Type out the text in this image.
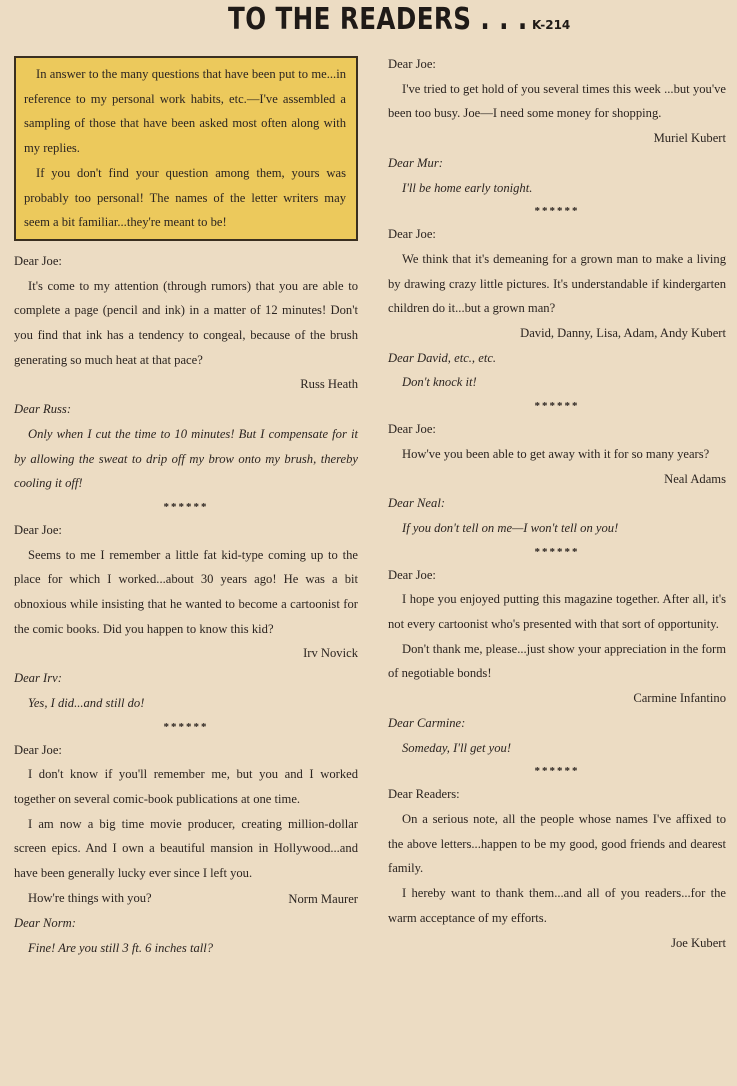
TO THE READERS . . . K-214

In answer to the many questions that have been put to me...in reference to my personal work habits, etc.—I've assembled a sampling of those that have been asked most often along with my replies.

If you don't find your question among them, yours was probably too personal! The names of the letter writers may seem a bit familiar...they're meant to be!

Dear Joe:

It's come to my attention (through rumors) that you are able to complete a page (pencil and ink) in a matter of 12 minutes! Don't you find that ink has a tendency to congeal, because of the brush generating so much heat at that pace?

Russ Heath

Dear Russ:

Only when I cut the time to 10 minutes! But I compensate for it by allowing the sweat to drip off my brow onto my brush, thereby cooling it off!

******

Dear Joe:

Seems to me I remember a little fat kid-type coming up to the place for which I worked...about 30 years ago! He was a bit obnoxious while insisting that he wanted to become a cartoonist for the comic books. Did you happen to know this kid?

Irv Novick

Dear Irv:

Yes, I did...and still do!

******

Dear Joe:

I don't know if you'll remember me, but you and I worked together on several comic-book publications at one time.

I am now a big time movie producer, creating million-dollar screen epics. And I own a beautiful mansion in Hollywood...and have been generally lucky ever since I left you.

How're things with you?	Norm Maurer

Dear Norm:

Fine! Are you still 3 ft. 6 inches tall?

Dear Joe:

I've tried to get hold of you several times this week ...but you've been too busy. Joe—I need some money for shopping.

Muriel Kubert

Dear Mur:

I'll be home early tonight.

******

Dear Joe:

We think that it's demeaning for a grown man to make a living by drawing crazy little pictures. It's understandable if kindergarten children do it...but a grown man?

David, Danny, Lisa, Adam, Andy Kubert

Dear David, etc., etc.

Don't knock it!

******

Dear Joe:

How've you been able to get away with it for so many years?

Neal Adams

Dear Neal:

If you don't tell on me—I won't tell on you!

******

Dear Joe:

I hope you enjoyed putting this magazine together. After all, it's not every cartoonist who's presented with that sort of opportunity.

Don't thank me, please...just show your appreciation in the form of negotiable bonds!

Carmine Infantino

Dear Carmine:

Someday, I'll get you!

******

Dear Readers:

On a serious note, all the people whose names I've affixed to the above letters...happen to be my good, good friends and dearest family.

I hereby want to thank them...and all of you readers...for the warm acceptance of my efforts.

Joe Kubert
